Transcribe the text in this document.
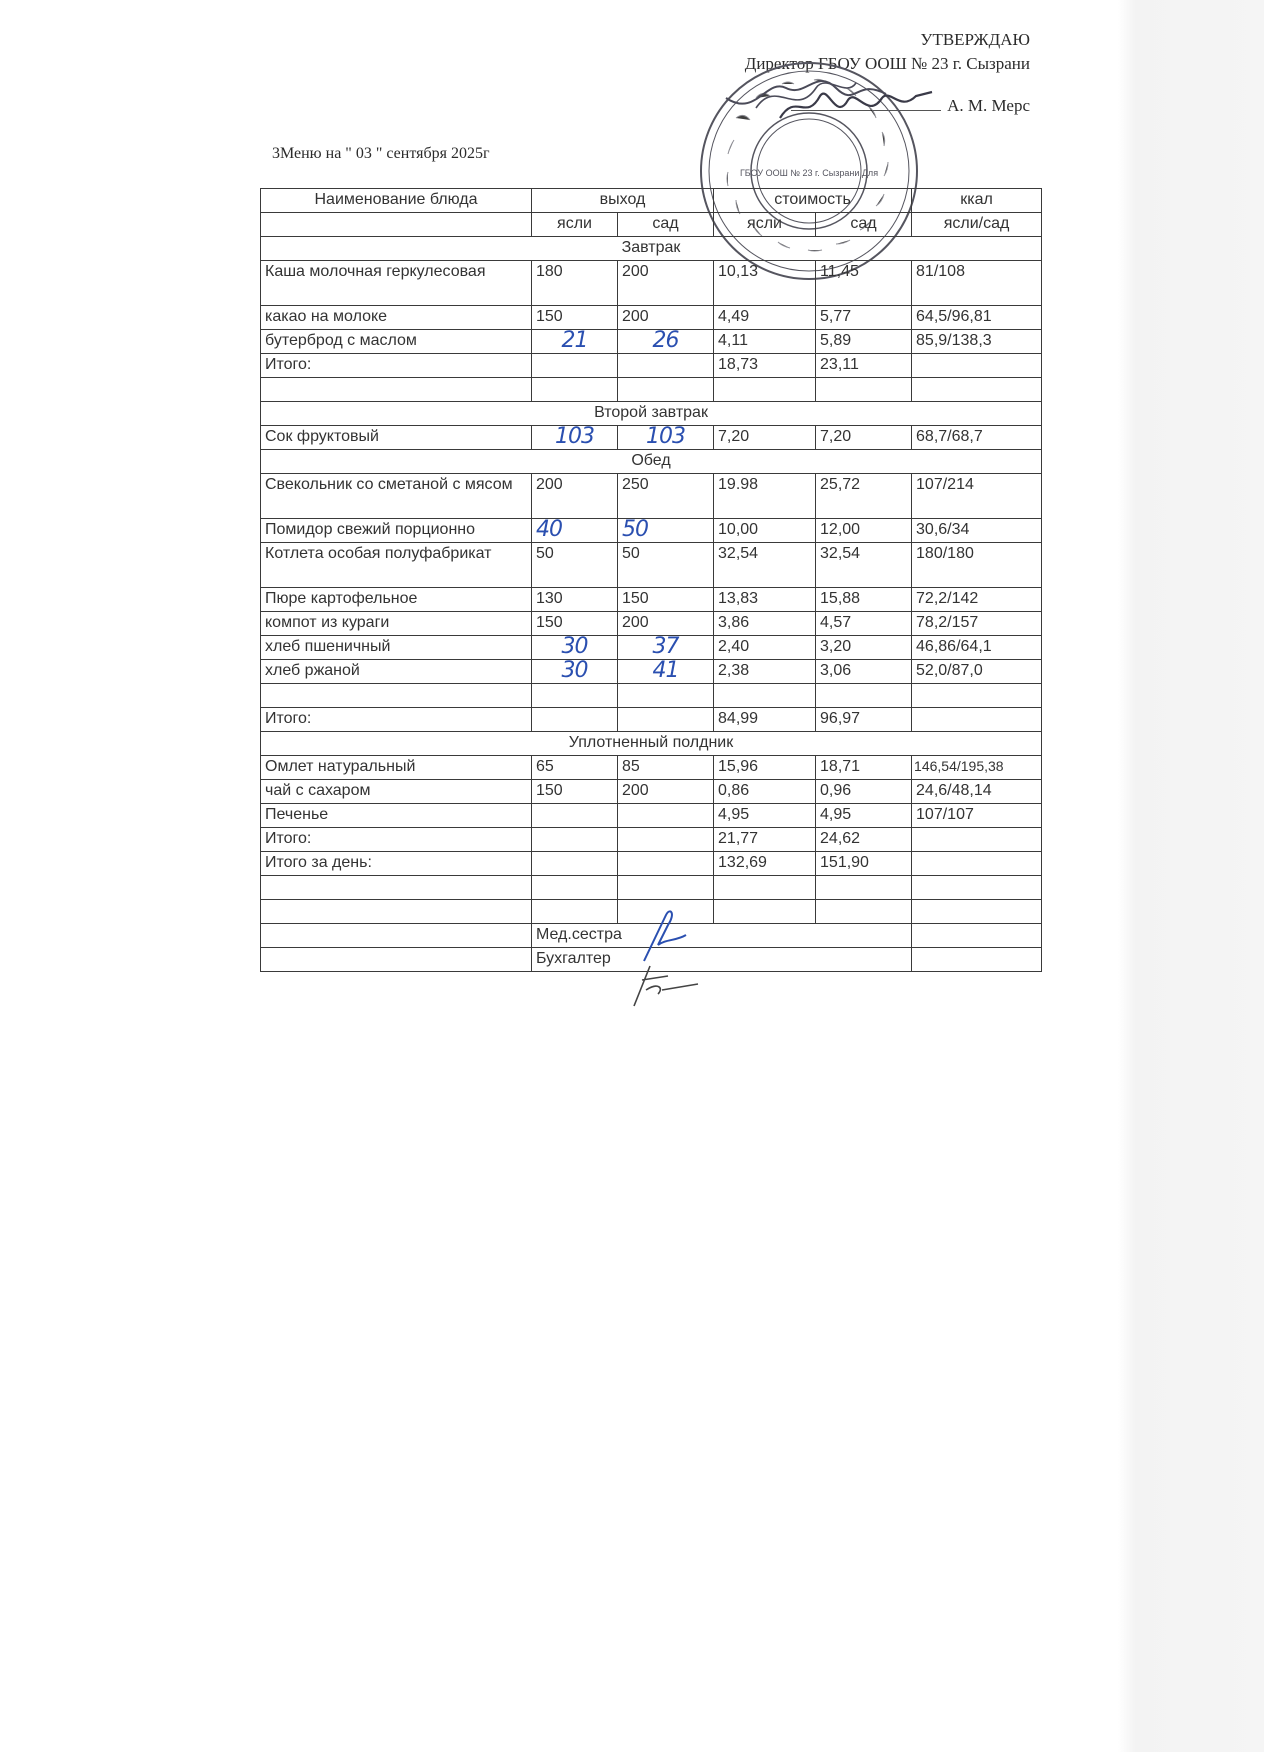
УТВЕРЖДАЮ
Директор ГБОУ ООШ № 23 г. Сызрани
А. М. Мерс
ГБОУ ООШ № 23 г. Сызрани Для
3Меню на " 03 " сентября 2025г
Наименование блюда	выход		стоимость		ккал
	ясли	сад	ясли	сад	ясли/сад
Завтрак					
Каша молочная геркулесовая	180	200	10,13	11,45	81/108
какао на молоке	150	200	4,49	5,77	64,5/96,81
бутерброд с маслом	21	26	4,11	5,89	85,9/138,3
Итого:			18,73	23,11	

Второй завтрак					
Сок фруктовый	103	103	7,20	7,20	68,7/68,7
Обед					
Свекольник со сметаной с мясом	200	250	19.98	25,72	107/214
Помидор свежий порционно	40	50	10,00	12,00	30,6/34
Котлета особая полуфабрикат	50	50	32,54	32,54	180/180
Пюре картофельное	130	150	13,83	15,88	72,2/142
компот из кураги	150	200	3,86	4,57	78,2/157
хлеб пшеничный	30	37	2,40	3,20	46,86/64,1
хлеб ржаной	30	41	2,38	3,06	52,0/87,0

Итого:			84,99	96,97	
Уплотненный полдник					
Омлет натуральный	65	85	15,96	18,71	146,54/195,38
чай с сахаром	150	200	0,86	0,96	24,6/48,14
Печенье			4,95	4,95	107/107
Итого:			21,77	24,62	
Итого за день:			132,69	151,90	

	Мед.сестра				
	Бухгалтер				
